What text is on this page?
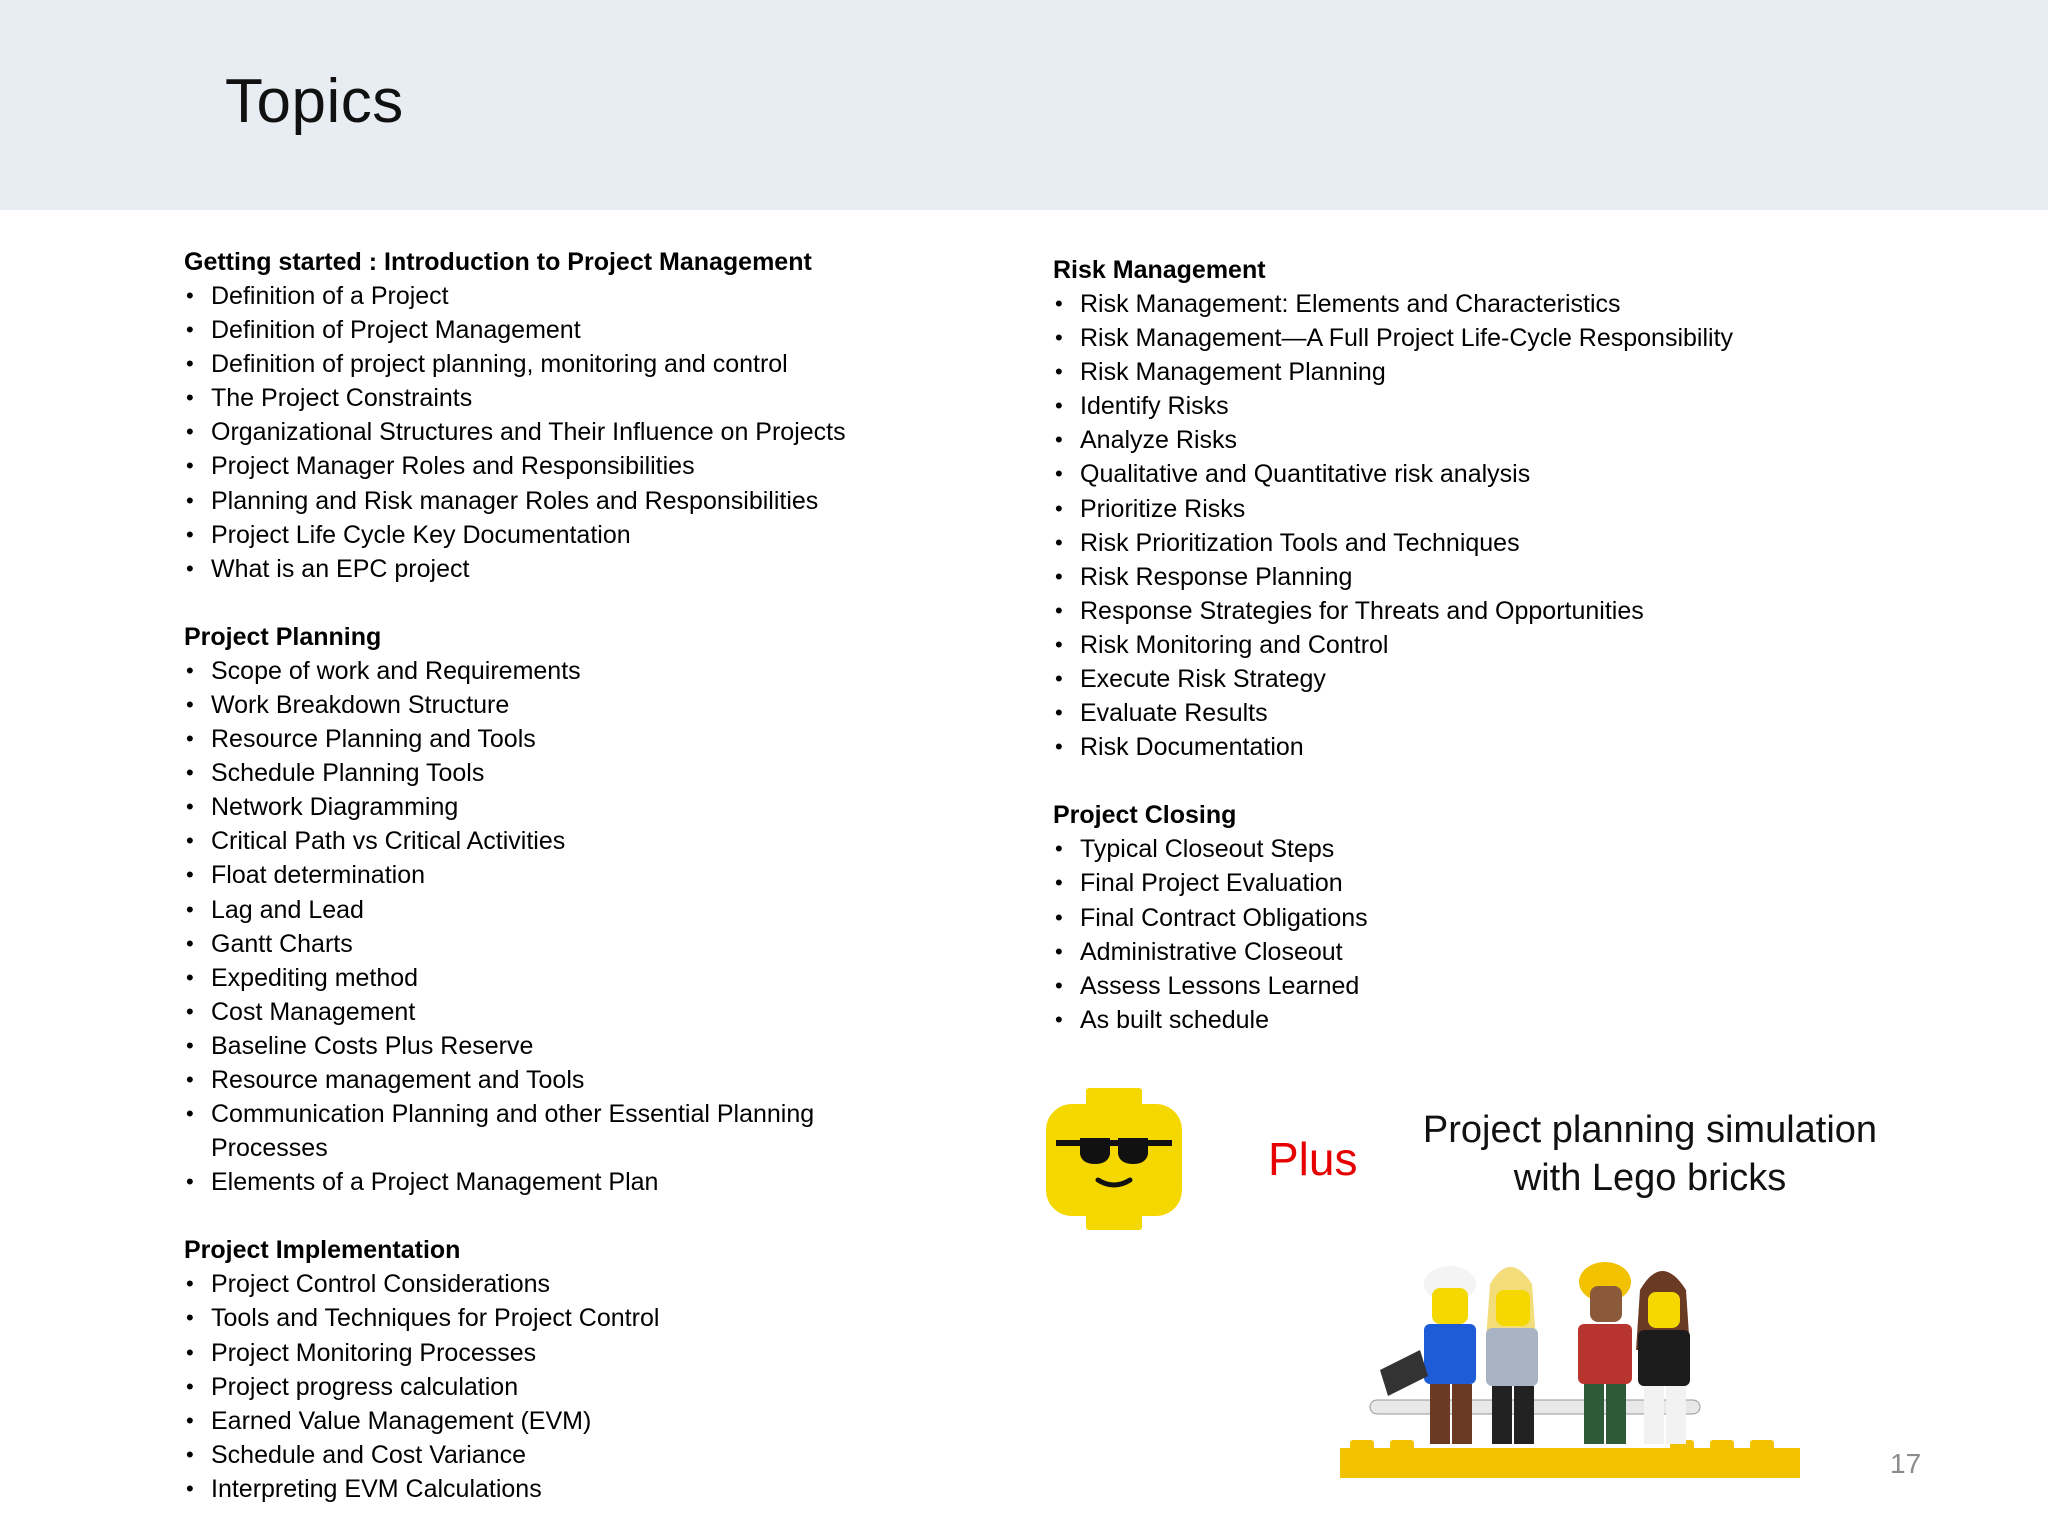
Topics
Getting started : Introduction to Project Management
• Definition of a Project
• Definition of Project Management
• Definition of project planning, monitoring and control
• The Project Constraints
• Organizational Structures and Their Influence on Projects
• Project Manager Roles and Responsibilities
• Planning and Risk manager Roles and Responsibilities
• Project Life Cycle Key Documentation
• What is an EPC project
Project Planning
• Scope of work and Requirements
• Work Breakdown Structure
• Resource Planning and Tools
• Schedule Planning Tools
• Network Diagramming
• Critical Path vs Critical Activities
• Float determination
• Lag and Lead
• Gantt Charts
• Expediting method
• Cost Management
• Baseline Costs Plus Reserve
• Resource management and Tools
• Communication Planning and other Essential Planning Processes
• Elements of a Project Management Plan
Project Implementation
• Project Control Considerations
• Tools and Techniques for Project Control
• Project Monitoring Processes
• Project progress calculation
• Earned Value Management (EVM)
• Schedule and Cost Variance
• Interpreting EVM Calculations
Risk Management
• Risk Management: Elements and Characteristics
• Risk Management—A Full Project Life-Cycle Responsibility
• Risk Management Planning
• Identify Risks
• Analyze Risks
• Qualitative and Quantitative risk analysis
• Prioritize Risks
• Risk Prioritization Tools and Techniques
• Risk Response Planning
• Response Strategies for Threats and Opportunities
• Risk Monitoring and Control
• Execute Risk Strategy
• Evaluate Results
• Risk Documentation
Project Closing
• Typical Closeout Steps
• Final Project Evaluation
• Final Contract Obligations
• Administrative Closeout
• Assess Lessons Learned
• As built schedule
Plus
Project planning simulation
with Lego bricks
17
